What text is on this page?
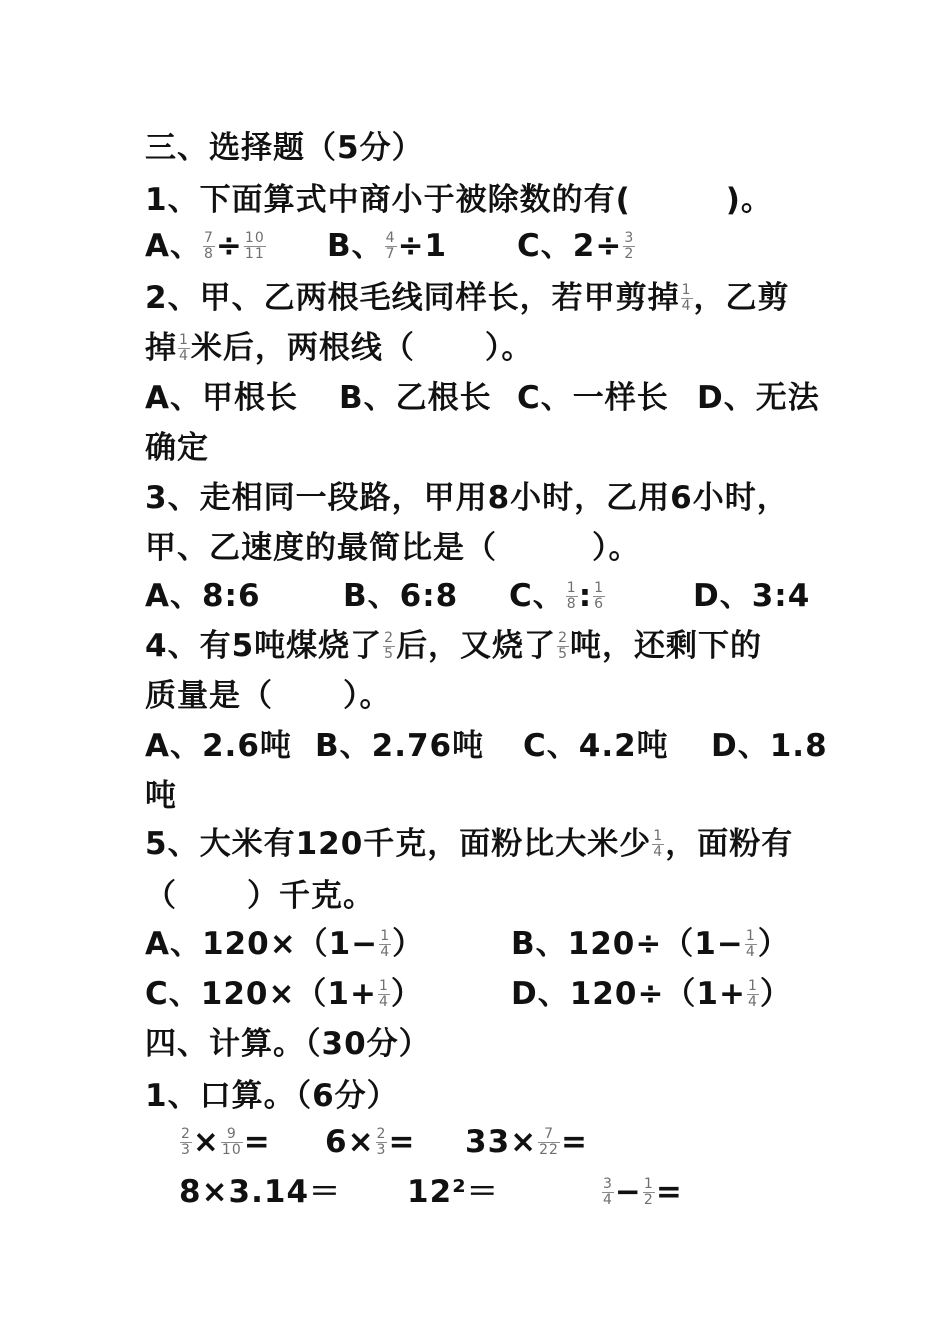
三、选择题（5分）
1、下面算式中商小于被除数的有(	)。
A、 $\frac{7}{8} \div \frac{10}{11}$ B、 $\frac{4}{7} \div 1$ C、$2\div \frac{3}{2}$
2、甲、乙两根毛线同样长，若甲剪掉 $\frac{1}{4}$ ，乙剪
掉 $\frac{1}{4}$ 米后，两根线（ ）。
A、甲根长 B、乙根长 C、一样长 D、无法
确定
3、走相同一段路，甲用8小时，乙用6小时，
甲、乙速度的最简比是（	）。
A、8:6	B、6:8 C、 $\frac{1}{8}$ : $\frac{1}{6}$	D、3:4
4、有5吨煤烧了 $\frac{2}{5}$ 后，又烧了 $\frac{2}{5}$ 吨，还剩下的
质量是（ ）。
A、2.6吨 B、2.76吨 C、4.2吨 D、1.8
吨
5、大米有120千克，面粉比大米少 $\frac{1}{4}$ ，面粉有
（ ）千克。
A、$120\times(1- \frac{1}{4}$ ）	B、$120\div(1- \frac{1}{4}$ ）
C、$120\times(1+ \frac{1}{4}$ ）	D、$120\div(1+ \frac{1}{4}$ ）
四、计算。（30分）
1、口算。（6分）
$\frac{2}{3} \times \frac{9}{10} = 6\times \frac{2}{3} = 33\times \frac{7}{22}$ =
8×3.14＝ 12²＝	$\frac{3}{4} - \frac{1}{2}$ =
